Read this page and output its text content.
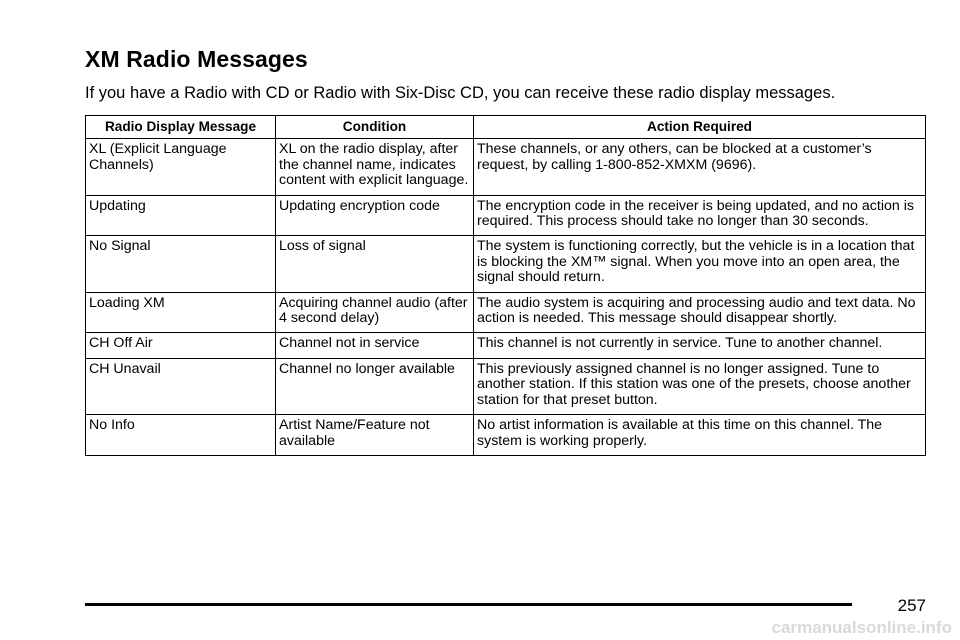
XM Radio Messages
If you have a Radio with CD or Radio with Six-Disc CD, you can receive these radio display messages.
Radio Display Message	Condition	Action Required
XL (Explicit Language Channels)	XL on the radio display, after the channel name, indicates content with explicit language.	These channels, or any others, can be blocked at a customer’s request, by calling 1-800-852-XMXM (9696).
Updating	Updating encryption code	The encryption code in the receiver is being updated, and no action is required. This process should take no longer than 30 seconds.
No Signal	Loss of signal	The system is functioning correctly, but the vehicle is in a location that is blocking the XM™ signal. When you move into an open area, the signal should return.
Loading XM	Acquiring channel audio (after 4 second delay)	The audio system is acquiring and processing audio and text data. No action is needed. This message should disappear shortly.
CH Off Air	Channel not in service	This channel is not currently in service. Tune to another channel.
CH Unavail	Channel no longer available	This previously assigned channel is no longer assigned. Tune to another station. If this station was one of the presets, choose another station for that preset button.
No Info	Artist Name/Feature not available	No artist information is available at this time on this channel. The system is working properly.
257
carmanualsonline.info
